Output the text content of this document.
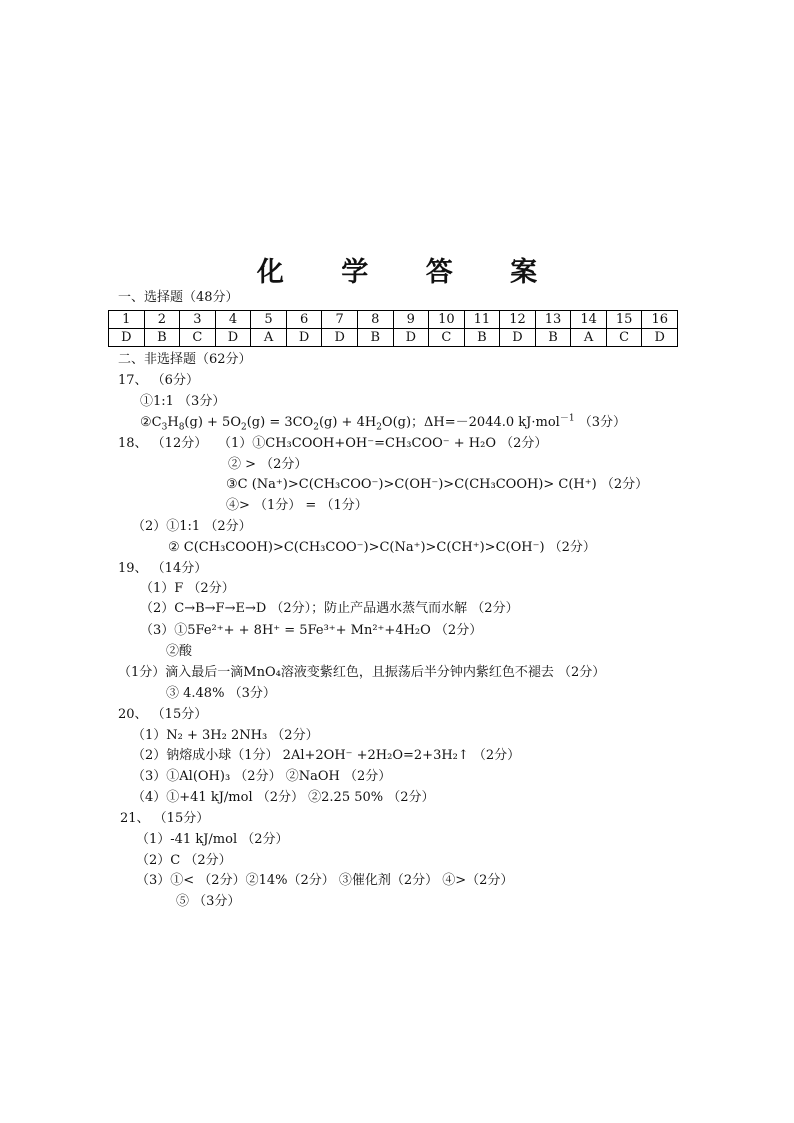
化 学 答 案
一、选择题（48分）
1	2	3	4	5	6	7	8	9	10	11	12	13	14	15	16
D	B	C	D	A	D	D	B	D	C	B	D	B	A	C	D
二、非选择题（62分）
17、 （6分）
①1:1 （3分）
$②C_3H_8(g) + 5O_2(g) = 3CO_2(g) + 4H_2O(g)$；ΔH=－2044.0 kJ·mol$^{-1}$ （3分）
18、 （12分） （1）①CH₃COOH+OH⁻=CH₃COO⁻ + H₂O （2分）
② > （2分）
③C (Na⁺)>C(CH₃COO⁻)>C(OH⁻)>C(CH₃COOH)> C(H⁺) （2分）
④> （1分） = （1分）
（2）①1:1 （2分）
② C(CH₃COOH)>C(CH₃COO⁻)>C(Na⁺)>C(CH⁺)>C(OH⁻) （2分）
19、 （14分）
（1）F （2分）
（2）C→B→F→E→D （2分）；防止产品遇水蒸气而水解 （2分）
（3）①5Fe²⁺+ + 8H⁺ = 5Fe³⁺+ Mn²⁺+4H₂O （2分）
②酸
（1分）滴入最后一滴MnO₄溶液变紫红色，且振荡后半分钟内紫红色不褪去 （2分）
③ 4.48% （3分）
20、 （15分）
（1）N₂ + 3H₂ 2NH₃ （2分）
（2）钠熔成小球（1分） 2Al+2OH⁻ +2H₂O=2+3H₂↑ （2分）
（3）①Al(OH)₃ （2分） ②NaOH （2分）
（4）①+41 kJ/mol （2分） ②2.25 50% （2分）
21、 （15分）
（1）-41 kJ/mol （2分）
（2）C （2分）
（3）①< （2分）②14%（2分） ③催化剂（2分） ④>（2分）
⑤ （3分）
